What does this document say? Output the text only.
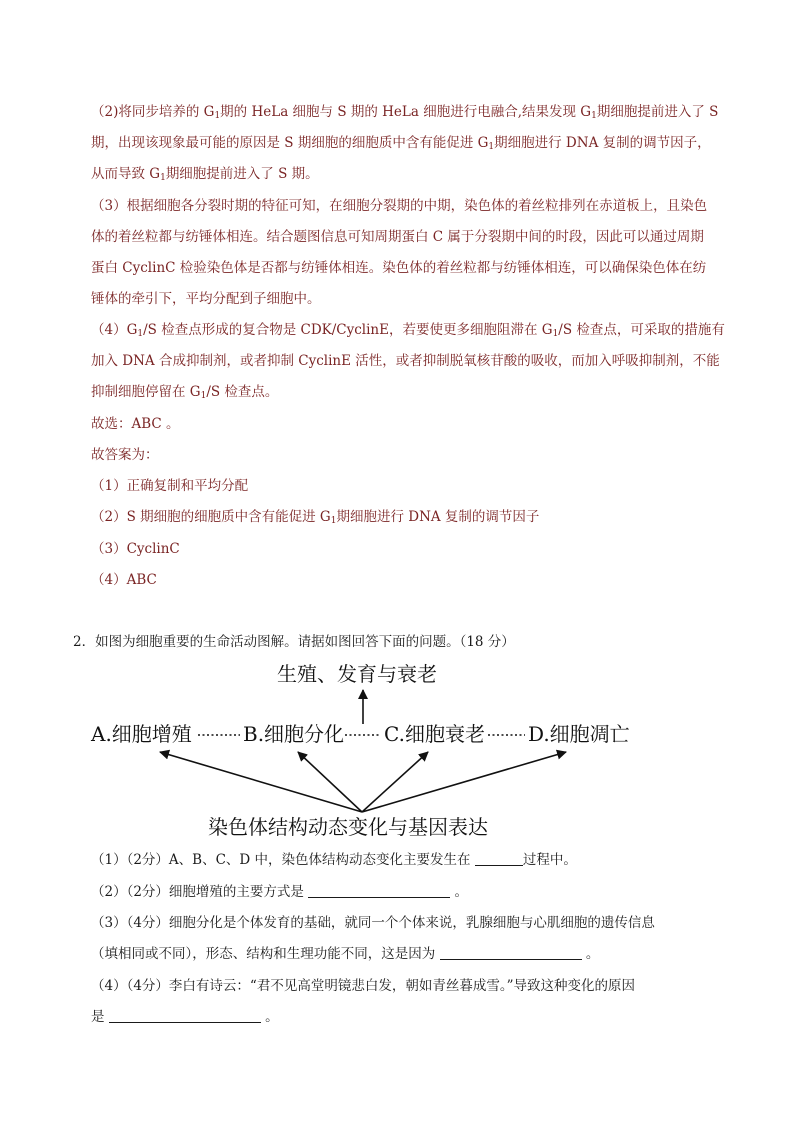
（2)将同步培养的 $G_1$期的 HeLa 细胞与 S 期的 HeLa 细胞进行电融合,结果发现 $G_1$期细胞提前进入了 S
期，出现该现象最可能的原因是 S 期细胞的细胞质中含有能促进 $G_1$期细胞进行 DNA 复制的调节因子，
从而导致 $G_1$期细胞提前进入了 S 期。
（3）根据细胞各分裂时期的特征可知，在细胞分裂期的中期，染色体的着丝粒排列在赤道板上，且染色
体的着丝粒都与纺锤体相连。结合题图信息可知周期蛋白 C 属于分裂期中间的时段，因此可以通过周期
蛋白 CyclinC 检验染色体是否都与纺锤体相连。染色体的着丝粒都与纺锤体相连，可以确保染色体在纺
锤体的牵引下，平均分配到子细胞中。
$(4)G_1/S$ 检查点形成的复合物是 CDK/CyclinE，若要使更多细胞阻滞在 $G_1/S$ 检查点，可采取的措施有
加入 DNA 合成抑制剂，或者抑制 CyclinE 活性，或者抑制脱氧核苷酸的吸收，而加入呼吸抑制剂，不能
抑制细胞停留在 $G_1/S$ 检查点。
故选：ABC 。
故答案为：
（1）正确复制和平均分配
（2）S 期细胞的细胞质中含有能促进 $G_1$期细胞进行 DNA 复制的调节因子
（3）CyclinC
（4）ABC
2．如图为细胞重要的生命活动图解。请据如图回答下面的问题。（18 分）
生殖、发育与衰老
A.细胞增殖	B.细胞分化 C.细胞衰老 D.细胞凋亡
染色体结构动态变化与基因表达
（1）（2分）A、B、C、D 中，染色体结构动态变化主要发生在	过程中。
（2）（2分）细胞增殖的主要方式是	。
（3）（4分）细胞分化是个体发育的基础，就同一个个体来说，乳腺细胞与心肌细胞的遗传信息
（填相同或不同），形态、结构和生理功能不同，这是因为	。
（4）（4分）李白有诗云：“君不见高堂明镜悲白发，朝如青丝暮成雪。”导致这种变化的原因
是	。
